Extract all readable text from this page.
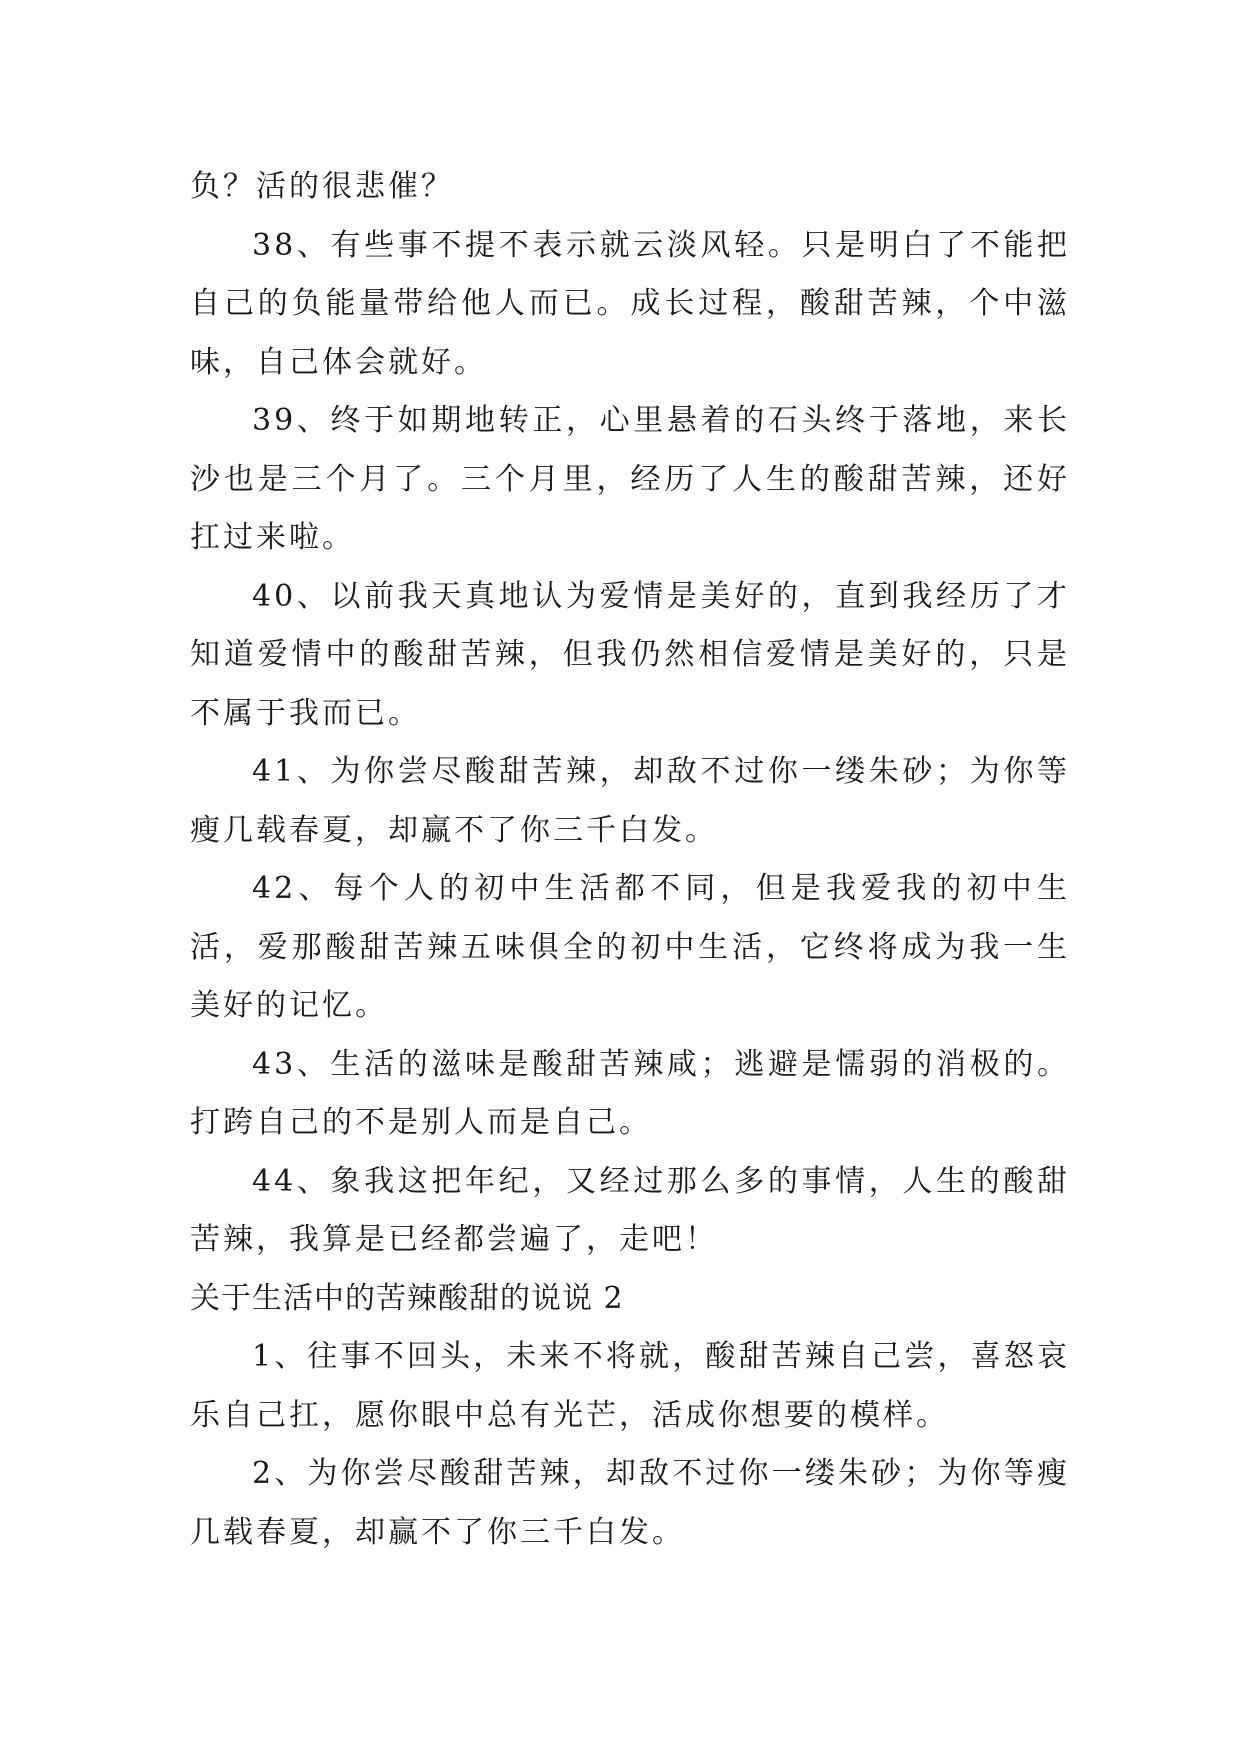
负？活的很悲催？

38、有些事不提不表示就云淡风轻。只是明白了不能把自己的负能量带给他人而已。成长过程，酸甜苦辣，个中滋味，自己体会就好。

39、终于如期地转正，心里悬着的石头终于落地，来长沙也是三个月了。三个月里，经历了人生的酸甜苦辣，还好扛过来啦。

40、以前我天真地认为爱情是美好的，直到我经历了才知道爱情中的酸甜苦辣，但我仍然相信爱情是美好的，只是不属于我而已。

41、为你尝尽酸甜苦辣，却敌不过你一缕朱砂；为你等瘦几载春夏，却赢不了你三千白发。

42、每个人的初中生活都不同，但是我爱我的初中生活，爱那酸甜苦辣五味俱全的初中生活，它终将成为我一生美好的记忆。

43、生活的滋味是酸甜苦辣咸；逃避是懦弱的消极的。打跨自己的不是别人而是自己。

44、象我这把年纪，又经过那么多的事情，人生的酸甜苦辣，我算是已经都尝遍了，走吧！

关于生活中的苦辣酸甜的说说 2

1、往事不回头，未来不将就，酸甜苦辣自己尝，喜怒哀乐自己扛，愿你眼中总有光芒，活成你想要的模样。

2、为你尝尽酸甜苦辣，却敌不过你一缕朱砂；为你等瘦几载春夏，却赢不了你三千白发。
